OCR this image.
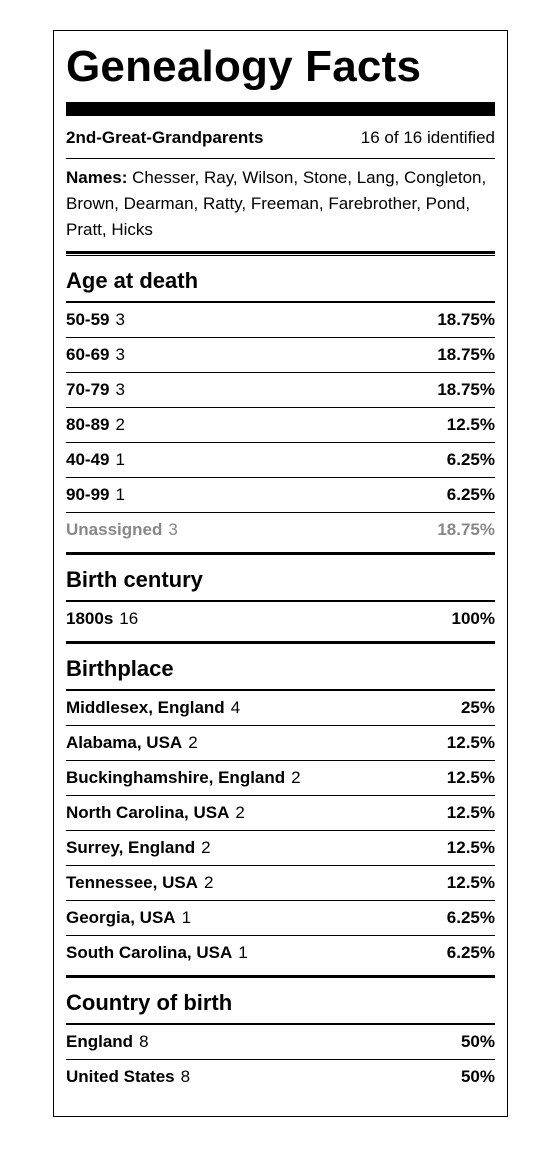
Genealogy Facts
2nd-Great-Grandparents	16 of 16 identified
Names: Chesser, Ray, Wilson, Stone, Lang, Congleton, Brown, Dearman, Ratty, Freeman, Farebrother, Pond, Pratt, Hicks
Age at death
50-59 3	18.75%
60-69 3	18.75%
70-79 3	18.75%
80-89 2	12.5%
40-49 1	6.25%
90-99 1	6.25%
Unassigned 3	18.75%
Birth century
1800s 16	100%
Birthplace
Middlesex, England 4	25%
Alabama, USA 2	12.5%
Buckinghamshire, England 2	12.5%
North Carolina, USA 2	12.5%
Surrey, England 2	12.5%
Tennessee, USA 2	12.5%
Georgia, USA 1	6.25%
South Carolina, USA 1	6.25%
Country of birth
England 8	50%
United States 8	50%
